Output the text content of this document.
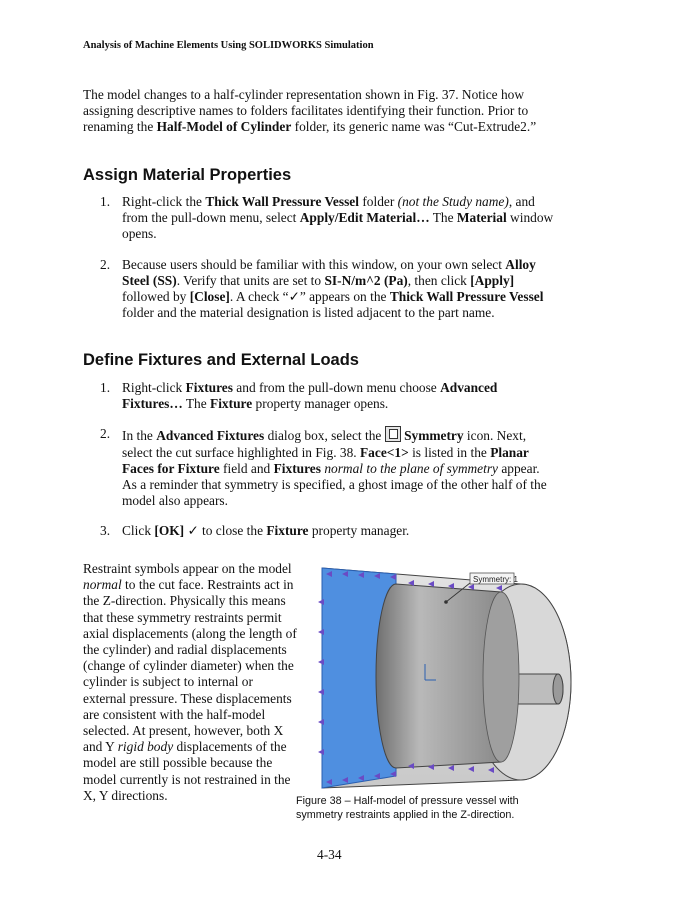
Analysis of Machine Elements Using SOLIDWORKS Simulation

The model changes to a half-cylinder representation shown in Fig. 37. Notice how assigning descriptive names to folders facilitates identifying their function. Prior to renaming the Half-Model of Cylinder folder, its generic name was “Cut-Extrude2.”

Assign Material Properties
1. Right-click the Thick Wall Pressure Vessel folder (not the Study name), and from the pull-down menu, select Apply/Edit Material… The Material window opens.
2. Because users should be familiar with this window, on your own select Alloy Steel (SS). Verify that units are set to SI-N/m^2 (Pa), then click [Apply] followed by [Close]. A check “✓” appears on the Thick Wall Pressure Vessel folder and the material designation is listed adjacent to the part name.
Define Fixtures and External Loads
1. Right-click Fixtures and from the pull-down menu choose Advanced Fixtures… The Fixture property manager opens.
2. In the Advanced Fixtures dialog box, select the  Symmetry icon. Next, select the cut surface highlighted in Fig. 38. Face<1> is listed in the Planar Faces for Fixture field and Fixtures normal to the plane of symmetry appear. As a reminder that symmetry is specified, a ghost image of the other half of the model also appears.
3. Click [OK] ✓ to close the Fixture property manager.

Restraint symbols appear on the model normal to the cut face. Restraints act in the Z-direction. Physically this means that these symmetry restraints permit axial displacements (along the length of the cylinder) and radial displacements (change of cylinder diameter) when the cylinder is subject to internal or external pressure. These displacements are consistent with the half-model selected. At present, however, both X and Y rigid body displacements of the model are still possible because the model currently is not restrained in the X, Y directions.

Symmetry: 1
Figure 38 – Half-model of pressure vessel with symmetry restraints applied in the Z-direction.
4-34
